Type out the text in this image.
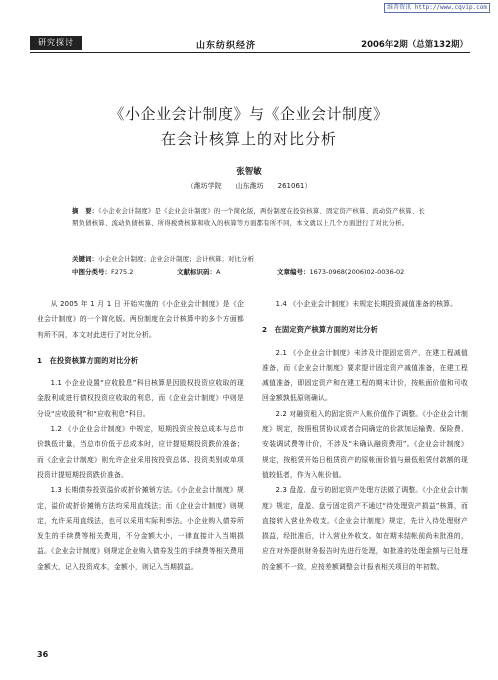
维普资讯 http://www.cqvip.com
研究探讨	山东纺织经济	2006年2期（总第132期）
《小企业会计制度》与《企业会计制度》
在会计核算上的对比分析
张智敏
（潍坊学院　　山东潍坊　　261061）
摘　要：《小企业会计制度》是《企业会计制度》的一个简化版，两份制度在投资核算、固定资产核算、流动资产核算、长期负债核算、流动负债核算、所得税费核算和收入的核算等方面都有所不同，本文就以上几个方面进行了对比分析。
关键词：小企业会计制度；企业会计制度；会计核算；对比分析
中图分类号：F275.2	文献标识码：A	文章编号：1673-0968(2006)02-0036-02

从 2005 年 1 月 1 日 开始实施的《小企业会计制度》是《企业会计制度》的一个简化版。两份制度在会计核算中的多个方面都有所不同，本文对此进行了对比分析。

1　在投资核算方面的对比分析

1.1 小企业设置“应收股息”科目核算是因股权投资应收取的现金股利或进行债权投资应收取的利息，而《企业会计制度》中则是分设“应收股利”和“应收利息”科目。

1.2 《小企业会计制度》中规定，短期投资应按总成本与总市价孰低计量，当总市价低于总成本时，应计提短期投资跌价准备；而《企业会计制度》则允许企业采用按投资总体、投资类别或单项投资计提短期投资跌价准备。

1.3 长期债券投资溢价或折价摊销方法。《小企业会计制度》规定，溢价或折价摊销方法均采用直线法；而《企业会计制度》则规定，允许采用直线法，也可以采用实际利率法。小企业购入债券所发生的手续费等相关费用，不分金额大小，一律直接计入当期损益。《企业会计制度》则规定企业购入债券发生的手续费等相关费用金额大，记入投资成本，金额小，则记入当期损益。

1.4 《小企业会计制度》未规定长期投资减值准备的核算。

2　在固定资产核算方面的对比分析

2.1 《小企业会计制度》未涉及计提固定资产、在建工程减值准备，而《企业会计制度》要求提计固定资产减值准备，在建工程减值准备，即固定资产和在建工程的期末计价，按帐面价值和可收回金额孰低原则确认。

2.2 对融资租入的固定资产入帐价值作了调整。《小企业会计制度》规定，按照租赁协议或者合同确定的价款加运输费、保险费、安装调试费等计价，不涉及“未确认融资费用”。《企业会计制度》规定，按租赁开始日租赁资产的原帐面价值与最低租赁付款额的现值较低者，作为入帐价值。

2.3 盘盈、盘亏的固定资产处理方法做了调整。《小企业会计制度》规定，盘盈、盘亏固定资产不通过“待处理资产损益”核算，而直接转入营业外收支。《企业会计制度》规定，先计入待处理财产损益，经批准后，计入营业外收支。如在期末结帐前尚未批准的，应在对外提供财务报告时先进行处理，如批准的处理金额与已处理的金额不一致，应按差额调整会计报表相关项目的年初数。

36
